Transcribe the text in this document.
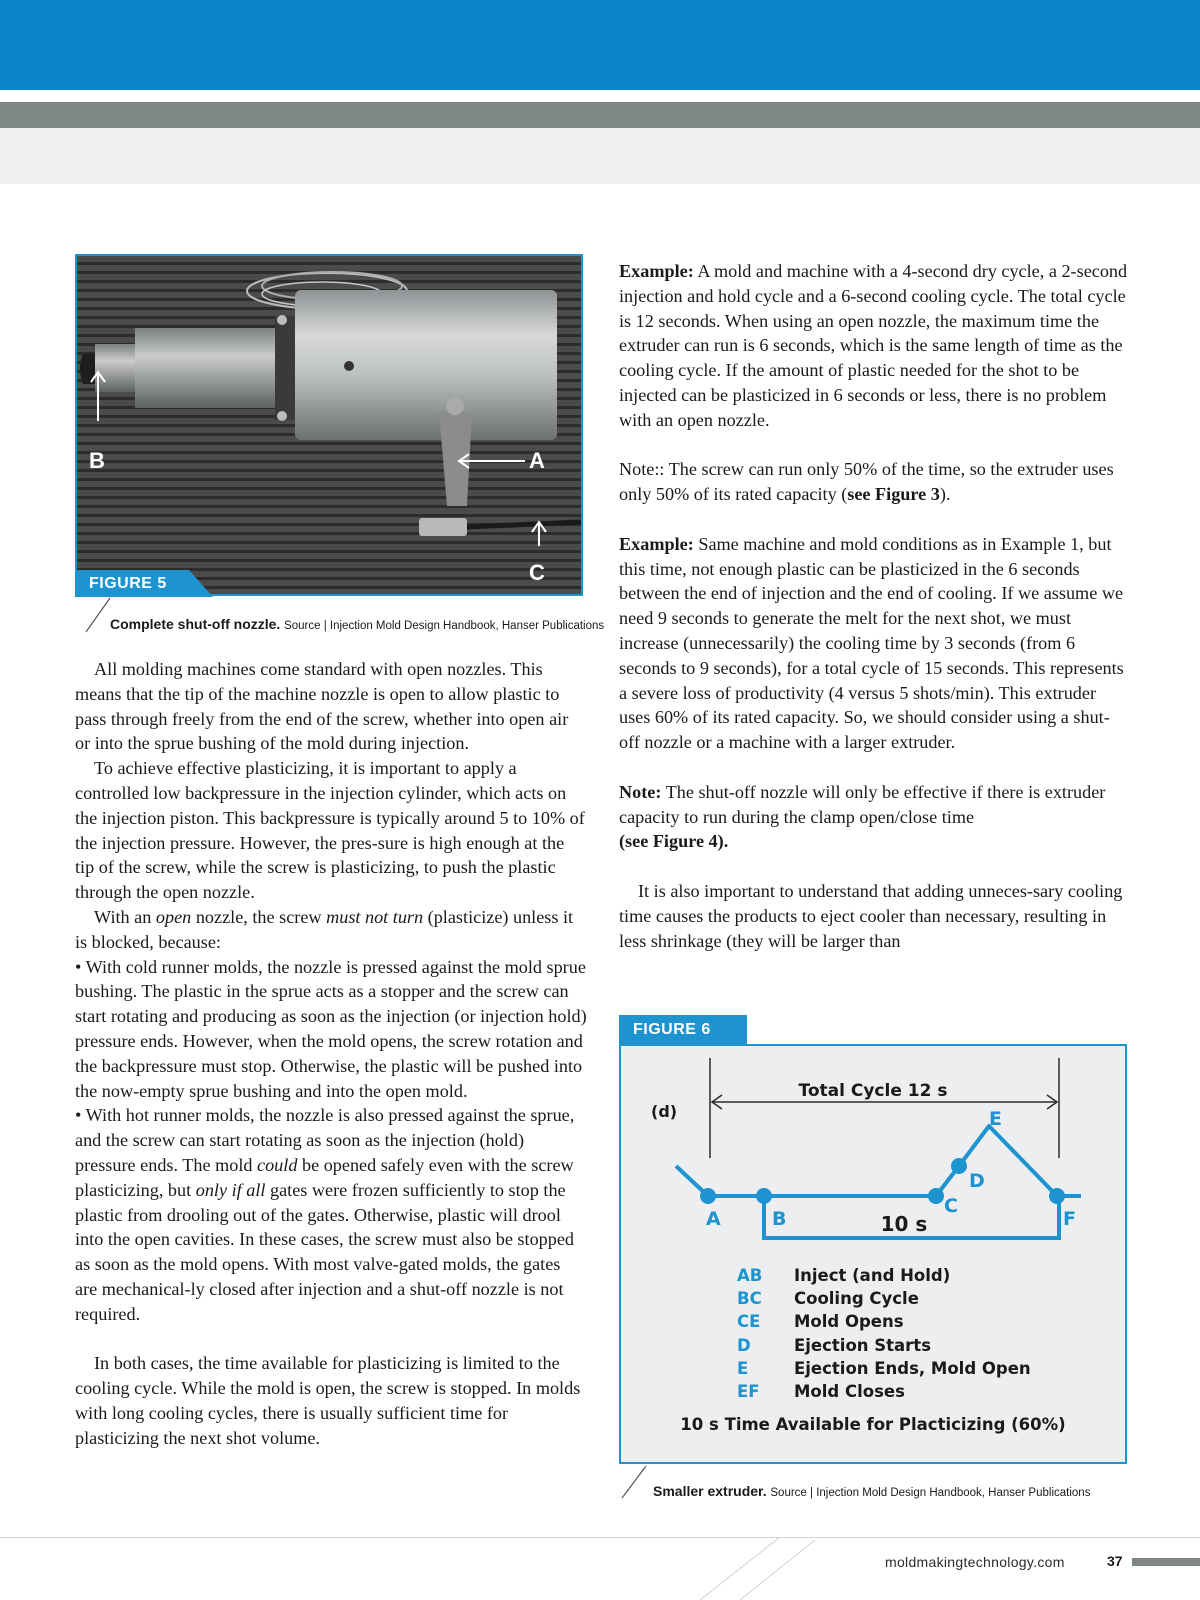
B	A
C
FIGURE 5
Complete shut-off nozzle. Source | Injection Mold Design Handbook, Hanser Publications

All molding machines come standard with open nozzles. This means that the tip of the machine nozzle is open to allow plastic to pass through freely from the end of the screw, whether into open air or into the sprue bushing of the mold during injection.

To achieve effective plasticizing, it is important to apply a controlled low backpressure in the injection cylinder, which acts on the injection piston. This backpressure is typically around 5 to 10% of the injection pressure. However, the pres-sure is high enough at the tip of the screw, while the screw is plasticizing, to push the plastic through the open nozzle.

With an open nozzle, the screw must not turn (plasticize) unless it is blocked, because:

• With cold runner molds, the nozzle is pressed against the mold sprue bushing. The plastic in the sprue acts as a stopper and the screw can start rotating and producing as soon as the injection (or injection hold) pressure ends. However, when the mold opens, the screw rotation and the backpressure must stop. Otherwise, the plastic will be pushed into the now-empty sprue bushing and into the open mold.

• With hot runner molds, the nozzle is also pressed against the sprue, and the screw can start rotating as soon as the injection (hold) pressure ends. The mold could be opened safely even with the screw plasticizing, but only if all gates were frozen sufficiently to stop the plastic from drooling out of the gates. Otherwise, plastic will drool into the open cavities. In these cases, the screw must also be stopped as soon as the mold opens. With most valve-gated molds, the gates are mechanical-ly closed after injection and a shut-off nozzle is not required.

In both cases, the time available for plasticizing is limited to the cooling cycle. While the mold is open, the screw is stopped. In molds with long cooling cycles, there is usually sufficient time for plasticizing the next shot volume.

Example: A mold and machine with a 4-second dry cycle, a 2-second injection and hold cycle and a 6-second cooling cycle. The total cycle is 12 seconds. When using an open nozzle, the maximum time the extruder can run is 6 seconds, which is the same length of time as the cooling cycle. If the amount of plastic needed for the shot to be injected can be plasticized in 6 seconds or less, there is no problem with an open nozzle.

Note:: The screw can run only 50% of the time, so the extruder uses only 50% of its rated capacity (see Figure 3).

Example: Same machine and mold conditions as in Example 1, but this time, not enough plastic can be plasticized in the 6 seconds between the end of injection and the end of cooling. If we assume we need 9 seconds to generate the melt for the next shot, we must increase (unnecessarily) the cooling time by 3 seconds (from 6 seconds to 9 seconds), for a total cycle of 15 seconds. This represents a severe loss of productivity (4 versus 5 shots/min). This extruder uses 60% of its rated capacity. So, we should consider using a shut-off nozzle or a machine with a larger extruder.

Note: The shut-off nozzle will only be effective if there is extruder capacity to run during the clamp open/close time
(see Figure 4).

It is also important to understand that adding unneces-sary cooling time causes the products to eject cooler than necessary, resulting in less shrinkage (they will be larger than

FIGURE 6
(d)
Total Cycle 12 s
10 s
A	B
C
D
E
F
AB	Inject (and Hold)
BC	Cooling Cycle
CE	Mold Opens
D	Ejection Starts
E	Ejection Ends, Mold Open
EF	Mold Closes
10 s Time Available for Placticizing (60%)
Smaller extruder. Source | Injection Mold Design Handbook, Hanser Publications
moldmakingtechnology.com	37
